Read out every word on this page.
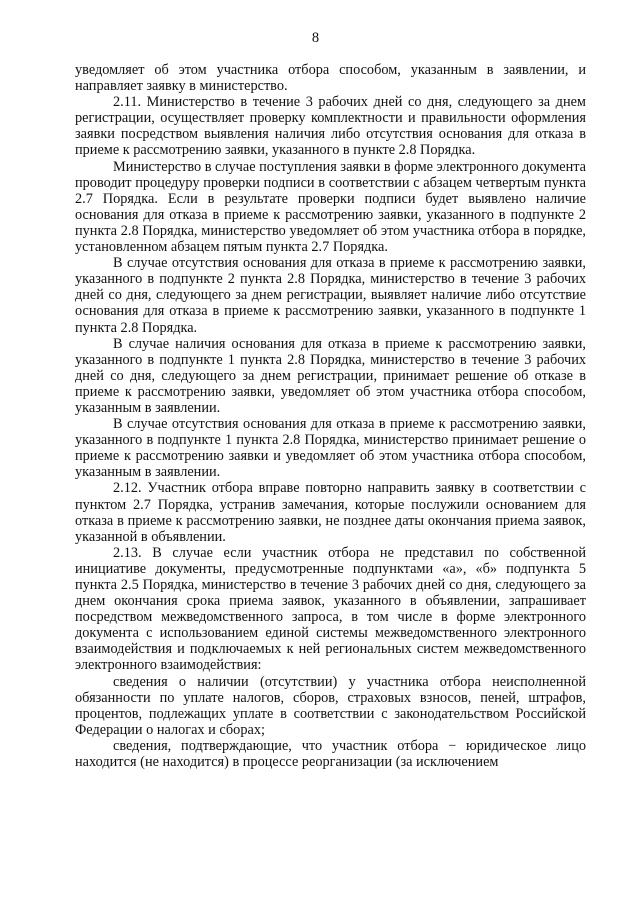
8

уведомляет об этом участника отбора способом, указанным в заявлении, и направляет заявку в министерство.

2.11. Министерство в течение 3 рабочих дней со дня, следующего за днем регистрации, осуществляет проверку комплектности и правильности оформления заявки посредством выявления наличия либо отсутствия основания для отказа в приеме к рассмотрению заявки, указанного в пункте 2.8 Порядка.

Министерство в случае поступления заявки в форме электронного документа проводит процедуру проверки подписи в соответствии с абзацем четвертым пункта 2.7 Порядка. Если в результате проверки подписи будет выявлено наличие основания для отказа в приеме к рассмотрению заявки, указанного в подпункте 2 пункта 2.8 Порядка, министерство уведомляет об этом участника отбора в порядке, установленном абзацем пятым пункта 2.7 Порядка.

В случае отсутствия основания для отказа в приеме к рассмотрению заявки, указанного в подпункте 2 пункта 2.8 Порядка, министерство в течение 3 рабочих дней со дня, следующего за днем регистрации, выявляет наличие либо отсутствие основания для отказа в приеме к рассмотрению заявки, указанного в подпункте 1 пункта 2.8 Порядка.

В случае наличия основания для отказа в приеме к рассмотрению заявки, указанного в подпункте 1 пункта 2.8 Порядка, министерство в течение 3 рабочих дней со дня, следующего за днем регистрации, принимает решение об отказе в приеме к рассмотрению заявки, уведомляет об этом участника отбора способом, указанным в заявлении.

В случае отсутствия основания для отказа в приеме к рассмотрению заявки, указанного в подпункте 1 пункта 2.8 Порядка, министерство принимает решение о приеме к рассмотрению заявки и уведомляет об этом участника отбора способом, указанным в заявлении.

2.12. Участник отбора вправе повторно направить заявку в соответствии с пунктом 2.7 Порядка, устранив замечания, которые послужили основанием для отказа в приеме к рассмотрению заявки, не позднее даты окончания приема заявок, указанной в объявлении.

2.13. В случае если участник отбора не представил по собственной инициативе документы, предусмотренные подпунктами «а», «б» подпункта 5 пункта 2.5 Порядка, министерство в течение 3 рабочих дней со дня, следующего за днем окончания срока приема заявок, указанного в объявлении, запрашивает посредством межведомственного запроса, в том числе в форме электронного документа с использованием единой системы межведомственного электронного взаимодействия и подключаемых к ней региональных систем межведомственного электронного взаимодействия:

сведения о наличии (отсутствии) у участника отбора неисполненной обязанности по уплате налогов, сборов, страховых взносов, пеней, штрафов, процентов, подлежащих уплате в соответствии с законодательством Российской Федерации о налогах и сборах;

сведения, подтверждающие, что участник отбора − юридическое лицо находится (не находится) в процессе реорганизации (за исключением
